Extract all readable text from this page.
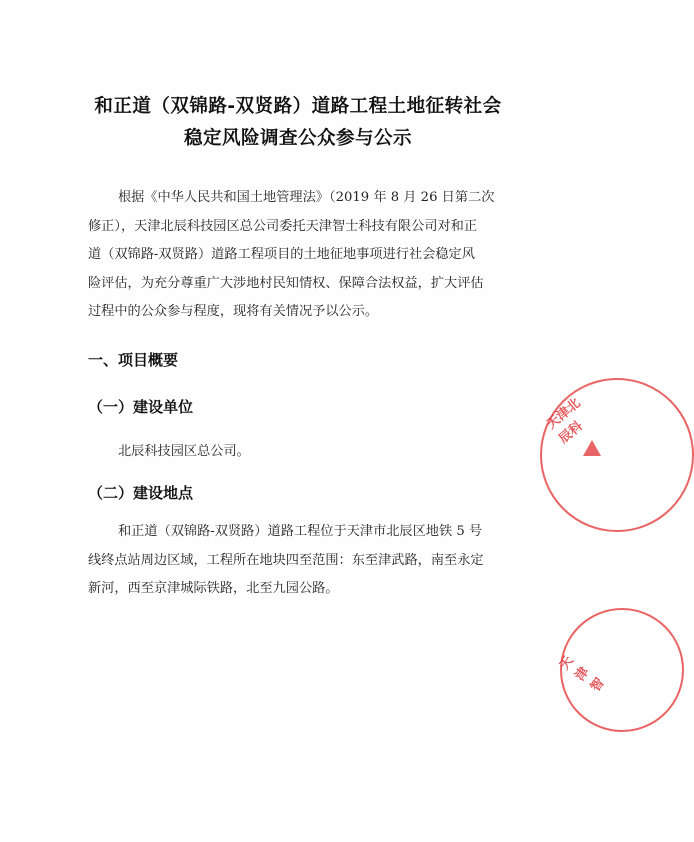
和正道（双锦路-双贤路）道路工程土地征转社会
稳定风险调查公众参与公示
根据《中华人民共和国土地管理法》（2019 年 8 月 26 日第二次
修正），天津北辰科技园区总公司委托天津智士科技有限公司对和正
道（双锦路-双贤路）道路工程项目的土地征地事项进行社会稳定风
险评估，为充分尊重广大涉地村民知情权、保障合法权益，扩大评估
过程中的公众参与程度，现将有关情况予以公示。
一、项目概要
（一）建设单位
北辰科技园区总公司。
（二）建设地点
和正道（双锦路-双贤路）道路工程位于天津市北辰区地铁 5 号
线终点站周边区域，工程所在地块四至范围：东至津武路，南至永定
新河，西至京津城际铁路，北至九园公路。
天津北辰科
天津智
